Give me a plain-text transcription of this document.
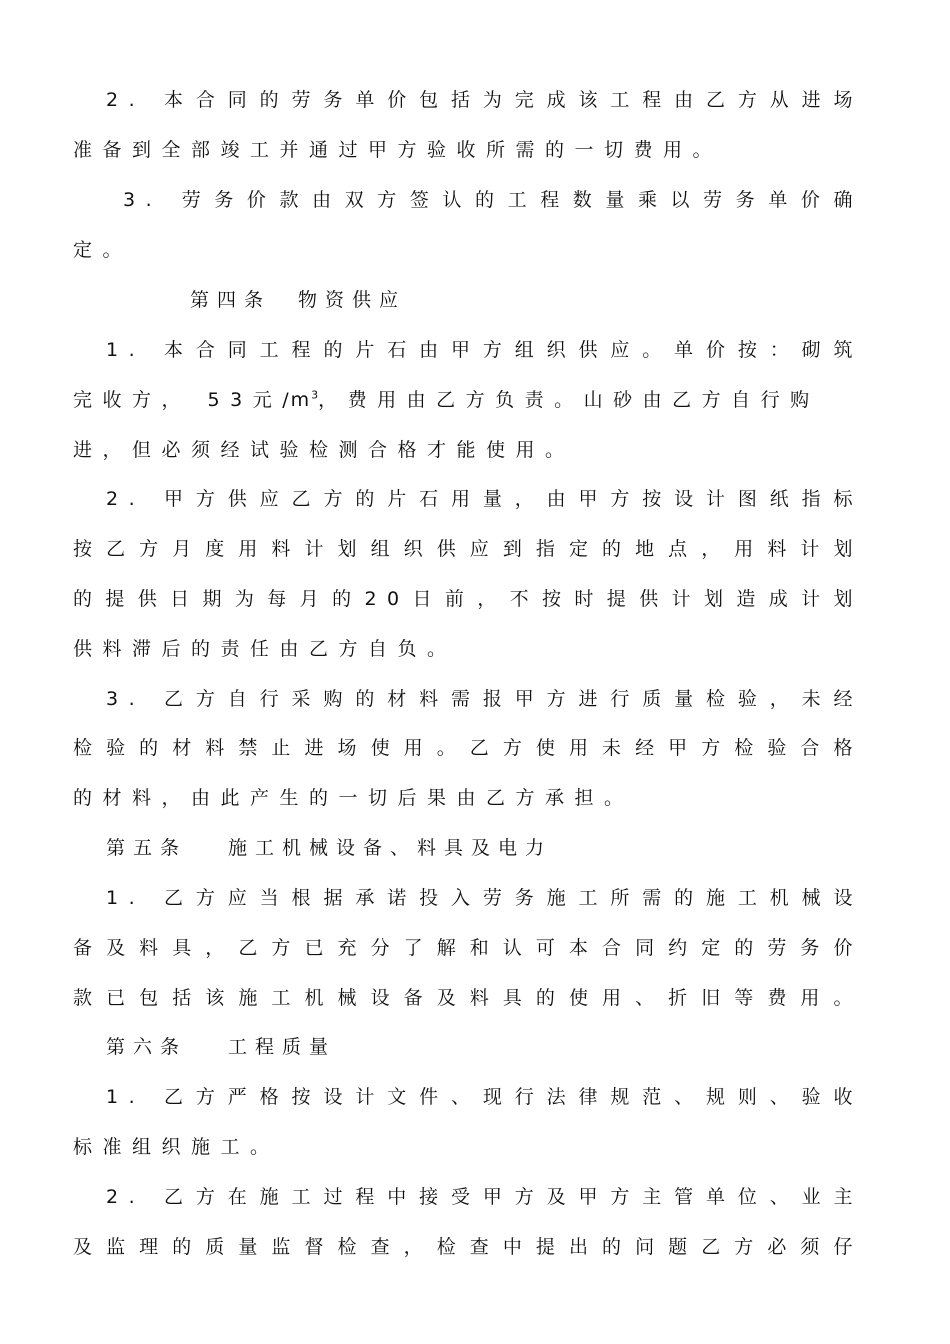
2. 本合同的劳务单价包括为完成该工程由乙方从进场
准备到全部竣工并通过甲方验收所需的一切费用。
3. 劳务价款由双方签认的工程数量乘以劳务单价确
定。
第四条　物资供应
1. 本合同工程的片石由甲方组织供应。单价按：砌筑
完收方， 53元$/m^3$，费用由乙方负责。山砂由乙方自行购
进，但必须经试验检测合格才能使用。
2. 甲方供应乙方的片石用量，由甲方按设计图纸指标
按乙方月度用料计划组织供应到指定的地点，用料计划
的提供日期为每月的20日前，不按时提供计划造成计划
供料滞后的责任由乙方自负。
3. 乙方自行采购的材料需报甲方进行质量检验，未经
检验的材料禁止进场使用。乙方使用未经甲方检验合格
的材料，由此产生的一切后果由乙方承担。
第五条　 施工机械设备、料具及电力
1. 乙方应当根据承诺投入劳务施工所需的施工机械设
备及料具，乙方已充分了解和认可本合同约定的劳务价
款已包括该施工机械设备及料具的使用、折旧等费用。
第六条　 工程质量
1. 乙方严格按设计文件、现行法律规范、规则、验收
标准组织施工。
2. 乙方在施工过程中接受甲方及甲方主管单位、业主
及监理的质量监督检查，检查中提出的问题乙方必须仔
